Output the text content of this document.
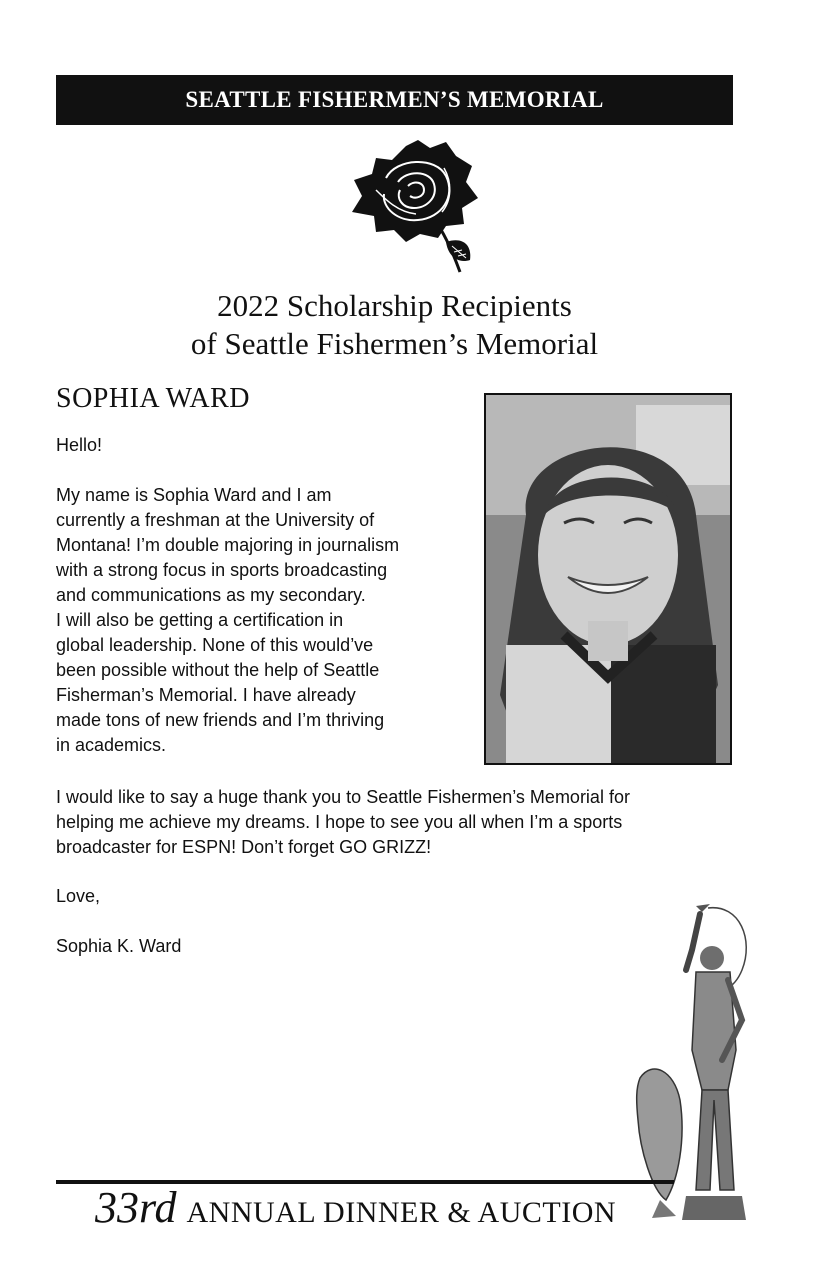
SEATTLE FISHERMEN’S MEMORIAL
2022 Scholarship Recipients
of Seattle Fishermen’s Memorial
SOPHIA WARD
Hello!
My name is Sophia Ward and I am
currently a freshman at the University of
Montana! I’m double majoring in journalism
with a strong focus in sports broadcasting
and communications as my secondary.
I will also be getting a certification in
global leadership. None of this would’ve
been possible without the help of Seattle
Fisherman’s Memorial. I have already
made tons of new friends and I’m thriving
in academics.
I would like to say a huge thank you to Seattle Fishermen’s Memorial for
helping me achieve my dreams. I hope to see you all when I’m a sports
broadcaster for ESPN! Don’t forget GO GRIZZ!
Love,
Sophia K. Ward
33rd ANNUAL DINNER & AUCTION
